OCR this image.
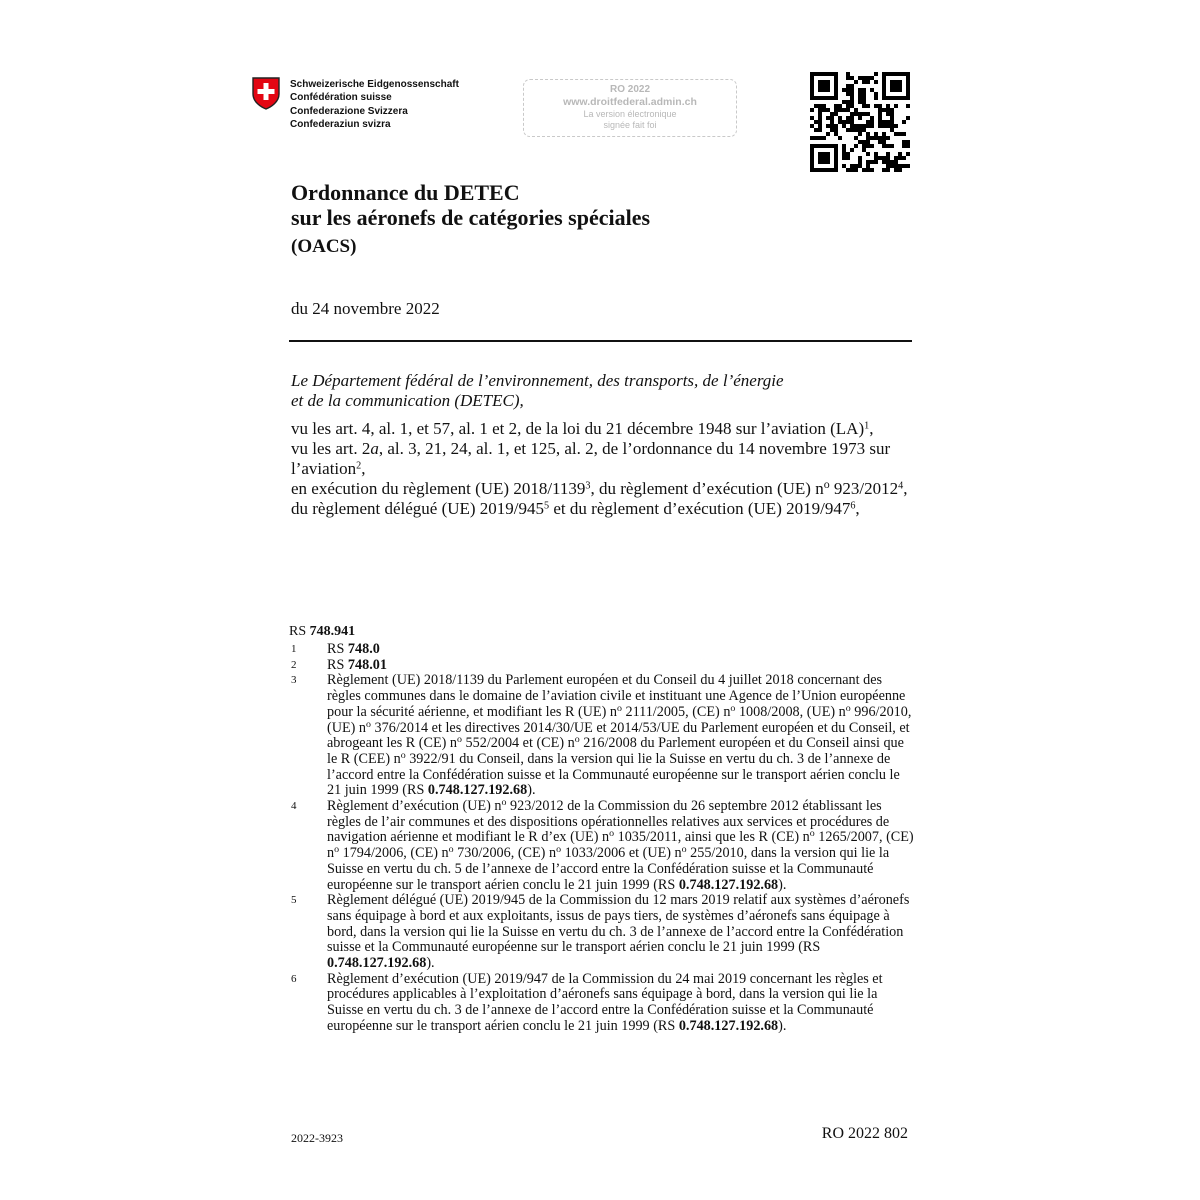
Schweizerische Eidgenossenschaft
Confédération suisse
Confederazione Svizzera
Confederaziun svizra
RO 2022
www.droitfederal.admin.ch
La version électronique
signée fait foi
Ordonnance du DETEC
sur les aéronefs de catégories spéciales
(OACS)
du 24 novembre 2022
Le Département fédéral de l’environnement, des transports, de l’énergie
et de la communication (DETEC),

vu les art. 4, al. 1, et 57, al. 1 et 2, de la loi du 21 décembre 1948 sur l’aviation (LA)$^1$,

vu les art. 2a, al. 3, 21, 24, al. 1, et 125, al. 2, de l’ordonnance du 14 novembre 1973 sur l’aviation$^2$,

en exécution du règlement (UE) 2018/1139$^3$, du règlement d’exécution (UE) $n^o$ 923/2012$^4$, du règlement délégué (UE) $2019/945^5$ et du règlement d’exécution (UE) $2019/947^6$,

RS 748.941
1	RS 748.0
2	RS 748.01
3	Règlement (UE) 2018/1139 du Parlement européen et du Conseil du 4 juillet 2018 concernant des règles communes dans le domaine de l’aviation civile et instituant une Agence de l’Union européenne pour la sécurité aérienne, et modifiant les R (UE) $n^o$ 2111/2005, (CE) $n^o$ 1008/2008, (UE) $n^o$ 996/2010, (UE) $n^o$ 376/2014 et les directives 2014/30/UE et 2014/53/UE du Parlement européen et du Conseil, et abrogeant les R (CE) $n^o$ 552/2004 et (CE) $n^o$ 216/2008 du Parlement européen et du Conseil ainsi que le R (CEE) $n^o$ 3922/91 du Conseil, dans la version qui lie la Suisse en vertu du ch. 3 de l’annexe de l’accord entre la Confédération suisse et la Communauté européenne sur le transport aérien conclu le 21 juin 1999 (RS 0.748.127.192.68).
4	Règlement d’exécution (UE) $n^o$ 923/2012 de la Commission du 26 septembre 2012 établissant les règles de l’air communes et des dispositions opérationnelles relatives aux services et procédures de navigation aérienne et modifiant le R d’ex (UE) $n^o$ 1035/2011, ainsi que les R (CE) $n^o$ 1265/2007, (CE) $n^o$ 1794/2006, (CE) $n^o$ 730/2006, (CE) $n^o$ 1033/2006 et (UE) $n^o$ 255/2010, dans la version qui lie la Suisse en vertu du ch. 5 de l’annexe de l’accord entre la Confédération suisse et la Communauté européenne sur le transport aérien conclu le 21 juin 1999 (RS 0.748.127.192.68).
5	Règlement délégué (UE) 2019/945 de la Commission du 12 mars 2019 relatif aux systèmes d’aéronefs sans équipage à bord et aux exploitants, issus de pays tiers, de systèmes d’aéronefs sans équipage à bord, dans la version qui lie la Suisse en vertu du ch. 3 de l’annexe de l’accord entre la Confédération suisse et la Communauté européenne sur le transport aérien conclu le 21 juin 1999 (RS 0.748.127.192.68).
6	Règlement d’exécution (UE) 2019/947 de la Commission du 24 mai 2019 concernant les règles et procédures applicables à l’exploitation d’aéronefs sans équipage à bord, dans la version qui lie la Suisse en vertu du ch. 3 de l’annexe de l’accord entre la Confédération suisse et la Communauté européenne sur le transport aérien conclu le 21 juin 1999 (RS 0.748.127.192.68).
2022-3923	RO 2022 802
